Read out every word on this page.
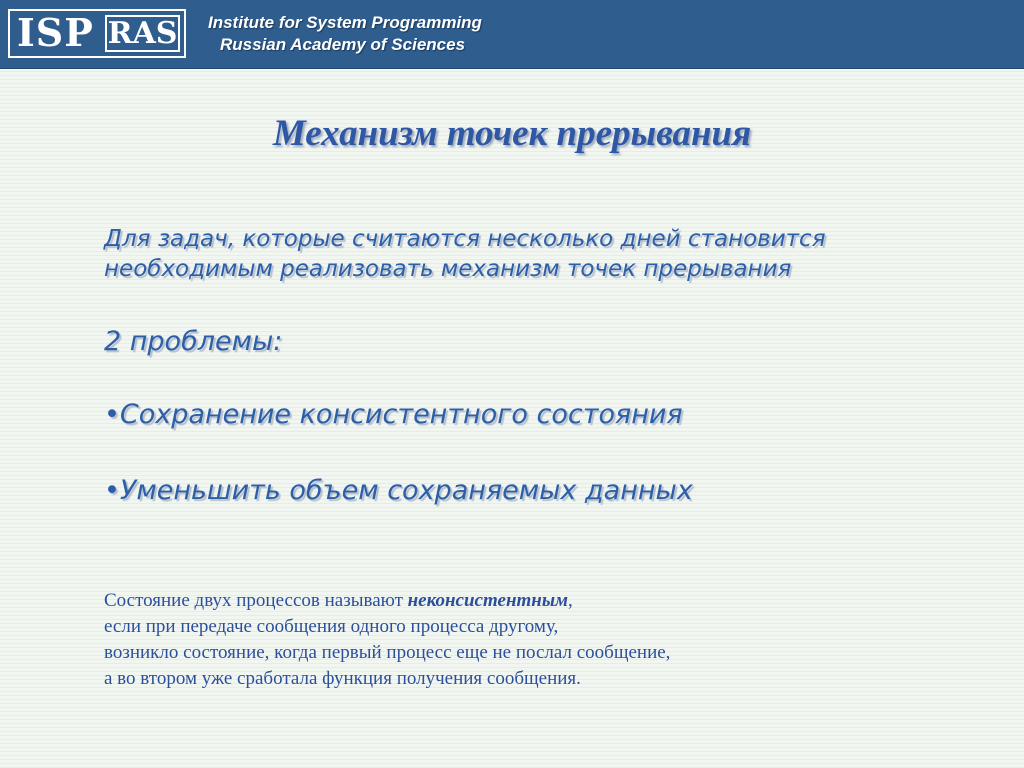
ISP RAS Institute for System Programming
Russian Academy of Sciences
Механизм точек прерывания
Для задач, которые считаются несколько дней становится
необходимым реализовать механизм точек прерывания
2 проблемы:
•Сохранение консистентного состояния
•Уменьшить объем сохраняемых данных
Состояние двух процессов называют неконсистентным,
если при передаче сообщения одного процесса другому,
возникло состояние, когда первый процесс еще не послал сообщение,
а во втором уже сработала функция получения сообщения.
